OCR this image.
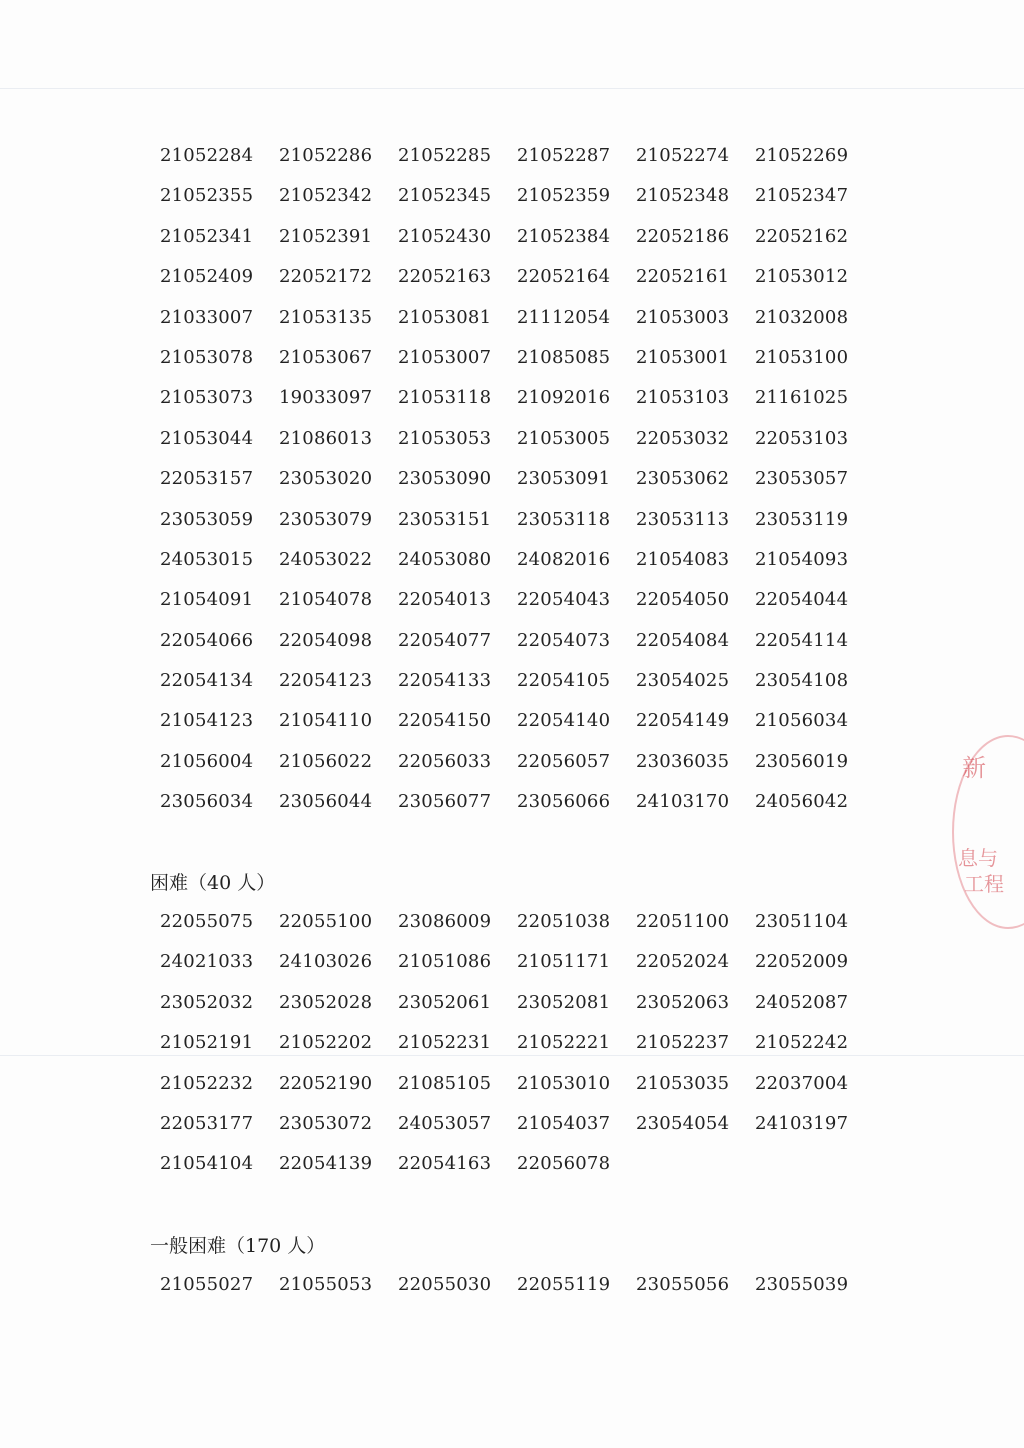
21052284	21052286	21052285	21052287	21052274	21052269
21052355	21052342	21052345	21052359	21052348	21052347
21052341	21052391	21052430	21052384	22052186	22052162
21052409	22052172	22052163	22052164	22052161	21053012
21033007	21053135	21053081	21112054	21053003	21032008
21053078	21053067	21053007	21085085	21053001	21053100
21053073	19033097	21053118	21092016	21053103	21161025
21053044	21086013	21053053	21053005	22053032	22053103
22053157	23053020	23053090	23053091	23053062	23053057
23053059	23053079	23053151	23053118	23053113	23053119
24053015	24053022	24053080	24082016	21054083	21054093
21054091	21054078	22054013	22054043	22054050	22054044
22054066	22054098	22054077	22054073	22054084	22054114
22054134	22054123	22054133	22054105	23054025	23054108
21054123	21054110	22054150	22054140	22054149	21056034
21056004	21056022	22056033	22056057	23036035	23056019
23056034	23056044	23056077	23056066	24103170	24056042
困难（40 人）
22055075	22055100	23086009	22051038	22051100	23051104
24021033	24103026	21051086	21051171	22052024	22052009
23052032	23052028	23052061	23052081	23052063	24052087
21052191	21052202	21052231	21052221	21052237	21052242
21052232	22052190	21085105	21053010	21053035	22037004
22053177	23053072	24053057	21054037	23054054	24103197
21054104	22054139	22054163	22056078
一般困难（170 人）
21055027	21055053	22055030	22055119	23055056	23055039
新
息与
工程
